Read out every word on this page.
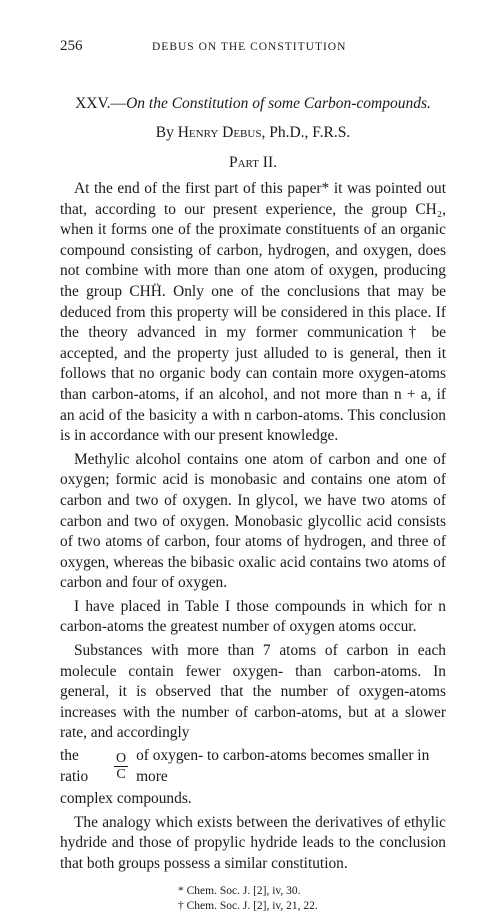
256	DEBUS ON THE CONSTITUTION
XXV.—On the Constitution of some Carbon-compounds.
By Henry Debus, Ph.D., F.R.S.
Part II.

At the end of the first part of this paper* it was pointed out that, according to our present experience, the group CH₂, when it forms one of the proximate constituents of an organic compound consisting of carbon, hydrogen, and oxygen, does not combine with more than one atom of oxygen, producing the group CHḦ. Only one of the conclusions that may be deduced from this property will be considered in this place. If the theory advanced in my former communication† be accepted, and the property just alluded to is general, then it follows that no organic body can contain more oxygen-atoms than carbon-atoms, if an alcohol, and not more than n + a, if an acid of the basicity a with n carbon-atoms. This conclusion is in accordance with our present knowledge.

Methylic alcohol contains one atom of carbon and one of oxygen; formic acid is monobasic and contains one atom of carbon and two of oxygen. In glycol, we have two atoms of carbon and two of oxygen. Monobasic glycollic acid consists of two atoms of carbon, four atoms of hydrogen, and three of oxygen, whereas the bibasic oxalic acid contains two atoms of carbon and four of oxygen.

I have placed in Table I those compounds in which for n carbon-atoms the greatest number of oxygen atoms occur.

Substances with more than 7 atoms of carbon in each molecule contain fewer oxygen- than carbon-atoms. In general, it is observed that the number of oxygen-atoms increases with the number of carbon-atoms, but at a slower rate, and accordingly

the ratio	$\frac{O}{C}$ of oxygen- to carbon-atoms becomes smaller in more

complex compounds.

The analogy which exists between the derivatives of ethylic hydride and those of propylic hydride leads to the conclusion that both groups possess a similar constitution.

* Chem. Soc. J. [2], iv, 30.
† Chem. Soc. J. [2], iv, 21, 22.
